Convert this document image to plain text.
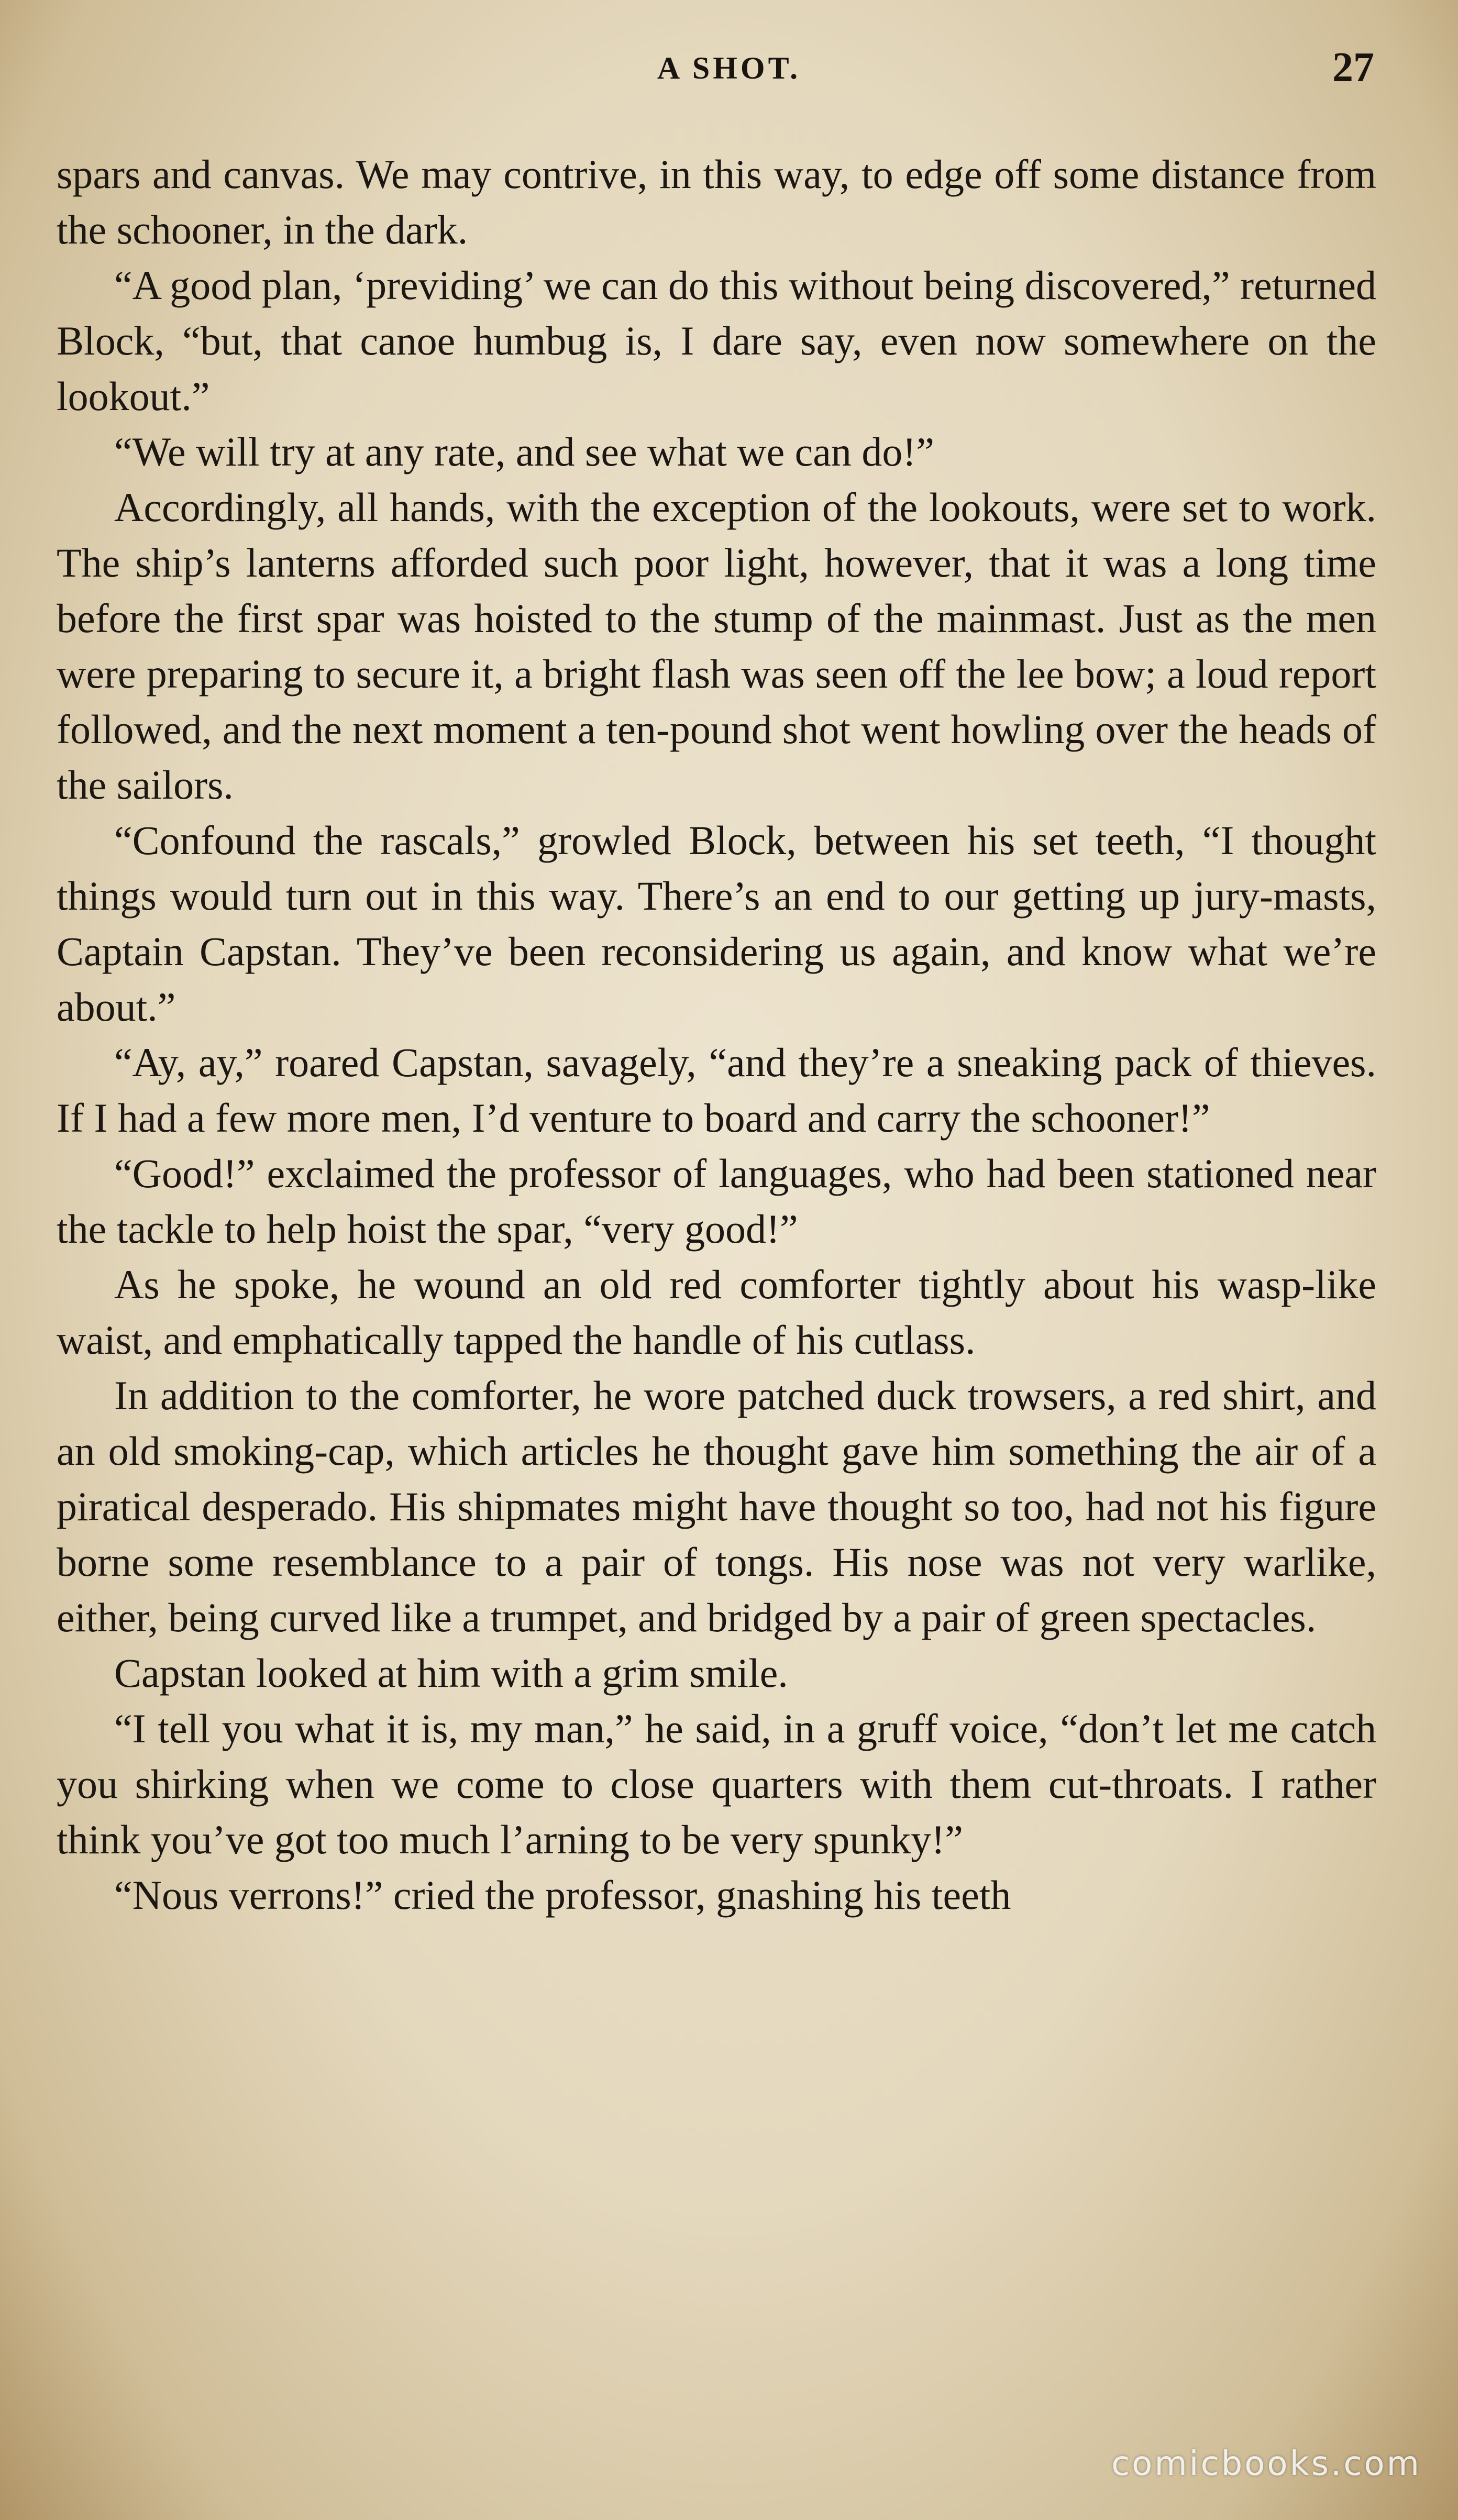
A SHOT.	27

spars and canvas. We may contrive, in this way, to edge off some distance from the schooner, in the dark.

“A good plan, ‘previding’ we can do this without being discovered,” returned Block, “but, that canoe humbug is, I dare say, even now somewhere on the lookout.”

“We will try at any rate, and see what we can do!”

Accordingly, all hands, with the exception of the lookouts, were set to work. The ship’s lanterns afforded such poor light, however, that it was a long time before the first spar was hoisted to the stump of the mainmast. Just as the men were preparing to secure it, a bright flash was seen off the lee bow; a loud report followed, and the next moment a ten-pound shot went howling over the heads of the sailors.

“Confound the rascals,” growled Block, between his set teeth, “I thought things would turn out in this way. There’s an end to our getting up jury-masts, Captain Capstan. They’ve been reconsidering us again, and know what we’re about.”

“Ay, ay,” roared Capstan, savagely, “and they’re a sneaking pack of thieves. If I had a few more men, I’d venture to board and carry the schooner!”

“Good!” exclaimed the professor of languages, who had been stationed near the tackle to help hoist the spar, “very good!”

As he spoke, he wound an old red comforter tightly about his wasp-like waist, and emphatically tapped the handle of his cutlass.

In addition to the comforter, he wore patched duck trowsers, a red shirt, and an old smoking-cap, which articles he thought gave him something the air of a piratical desperado. His shipmates might have thought so too, had not his figure borne some resemblance to a pair of tongs. His nose was not very warlike, either, being curved like a trumpet, and bridged by a pair of green spectacles.

Capstan looked at him with a grim smile.

“I tell you what it is, my man,” he said, in a gruff voice, “don’t let me catch you shirking when we come to close quarters with them cut-throats. I rather think you’ve got too much l’arning to be very spunky!”

“Nous verrons!” cried the professor, gnashing his teeth

comicbooks.com
